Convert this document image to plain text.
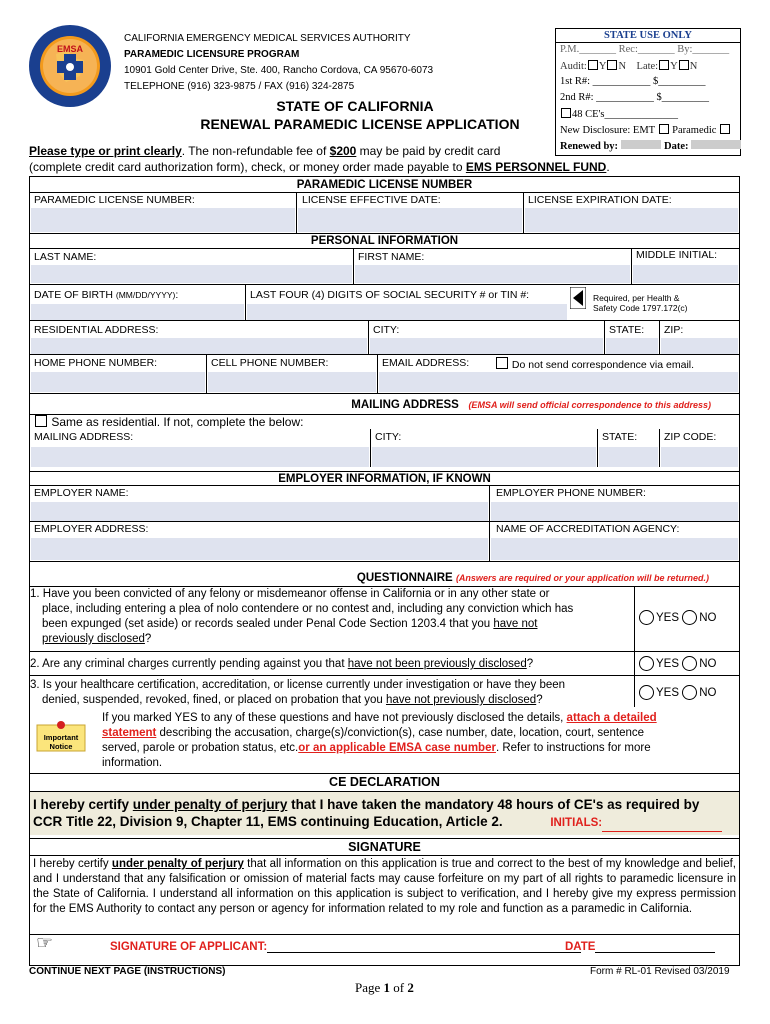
EMSA
CALIFORNIA EMERGENCY MEDICAL SERVICES AUTHORITY
PARAMEDIC LICENSURE PROGRAM
10901 Gold Center Drive, Ste. 400, Rancho Cordova, CA 95670-6073
TELEPHONE (916) 323-9875 / FAX (916) 324-2875
STATE OF CALIFORNIA
RENEWAL PARAMEDIC LICENSE APPLICATION
STATE USE ONLY
P.M._______ Rec:_______ By:_______
Audit: Y N Late: Y N
1st R#: ___________ $_________
2nd R#: ___________ $_________
48 CE's______________
New Disclosure: EMT Paramedic
Renewed by:	Date:
Please type or print clearly. The non-refundable fee of $200 may be paid by credit card
(complete credit card authorization form), check, or money order made payable to EMS PERSONNEL FUND.
PARAMEDIC LICENSE NUMBER
PARAMEDIC LICENSE NUMBER:	LICENSE EFFECTIVE DATE:	LICENSE EXPIRATION DATE:
PERSONAL INFORMATION
LAST NAME:	FIRST NAME:	MIDDLE INITIAL:
DATE OF BIRTH (MM/DD/YYYY):	LAST FOUR (4) DIGITS OF SOCIAL SECURITY # or TIN #:	Required, per Health &
Safety Code 1797.172(c)
RESIDENTIAL ADDRESS:	CITY:	STATE: ZIP:
HOME PHONE NUMBER:	CELL PHONE NUMBER:	EMAIL ADDRESS:	Do not send correspondence via email.
MAILING ADDRESS (EMSA will send official correspondence to this address)
Same as residential. If not, complete the below:
MAILING ADDRESS:	CITY:	STATE:	ZIP CODE:
EMPLOYER INFORMATION, IF KNOWN
EMPLOYER NAME:	EMPLOYER PHONE NUMBER:
EMPLOYER ADDRESS:	NAME OF ACCREDITATION AGENCY:
QUESTIONNAIRE (Answers are required or your application will be returned.)
1. Have you been convicted of any felony or misdemeanor offense in California or in any other state or
place, including entering a plea of nolo contendere or no contest and, including any conviction which has
been expunged (set aside) or records sealed under Penal Code Section 1203.4 that you have not
previously disclosed?
YES NO
2. Are any criminal charges currently pending against you that have not been previously disclosed?	YES NO
3. Is your healthcare certification, accreditation, or license currently under investigation or have they been
denied, suspended, revoked, fined, or placed on probation that you have not previously disclosed?
YES NO
Important Notice
If you marked YES to any of these questions and have not previously disclosed the details, attach a detailed
statement describing the accusation, charge(s)/conviction(s), case number, date, location, court, sentence
served, parole or probation status, etc.or an applicable EMSA case number. Refer to instructions for more
information.
CE DECLARATION
I hereby certify under penalty of perjury that I have taken the mandatory 48 hours of CE's as required by
CCR Title 22, Division 9, Chapter 11, EMS continuing Education, Article 2.	INITIALS:
SIGNATURE
I hereby certify under penalty of perjury that all information on this application is true and correct to the best of my knowledge and belief, and I understand that any falsification or omission of material facts may cause forfeiture on my part of all rights to paramedic licensure in the State of California. I understand all information on this application is subject to verification, and I hereby give my express permission for the EMS Authority to contact any person or agency for information related to my role and function as a paramedic in California.
☞	SIGNATURE OF APPLICANT:	DATE
CONTINUE NEXT PAGE (INSTRUCTIONS)	Form # RL-01 Revised 03/2019
Page 1 of 2
